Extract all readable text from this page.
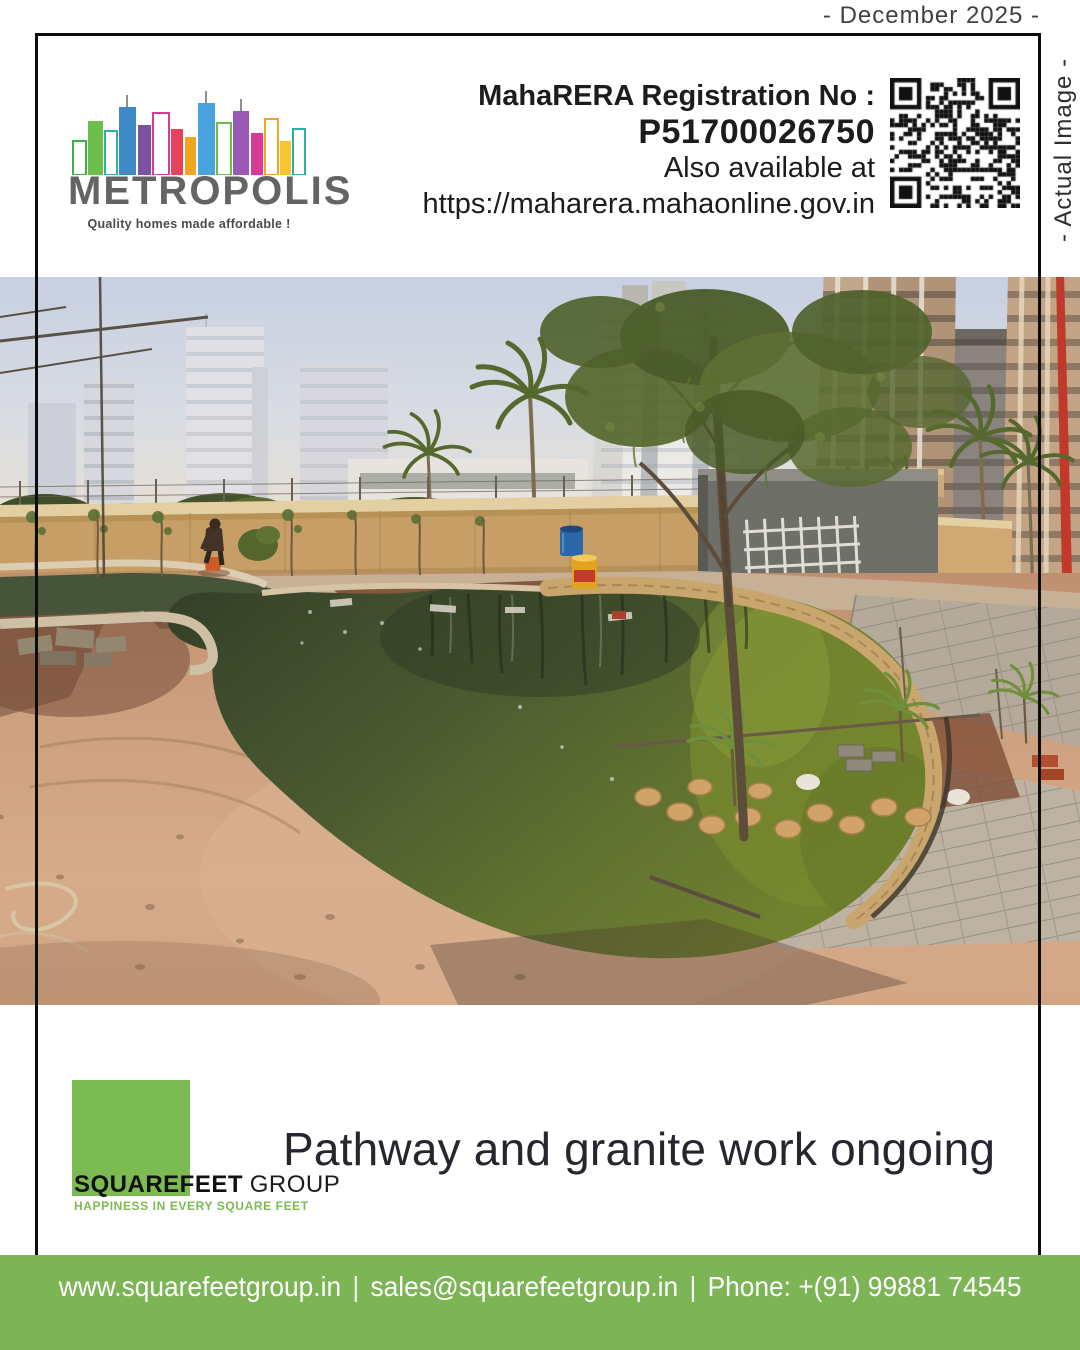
- December 2025 -
METROPOLIS
Quality homes made affordable !
MahaRERA Registration No :
P51700026750
Also available at
https://maharera.mahaonline.gov.in	- Actual Image -
SQUAREFEET GROUP
HAPPINESS IN EVERY SQUARE FEET
Pathway and granite work ongoing
www.squarefeetgroup.in | sales@squarefeetgroup.in | Phone: +(91) 99881 74545
